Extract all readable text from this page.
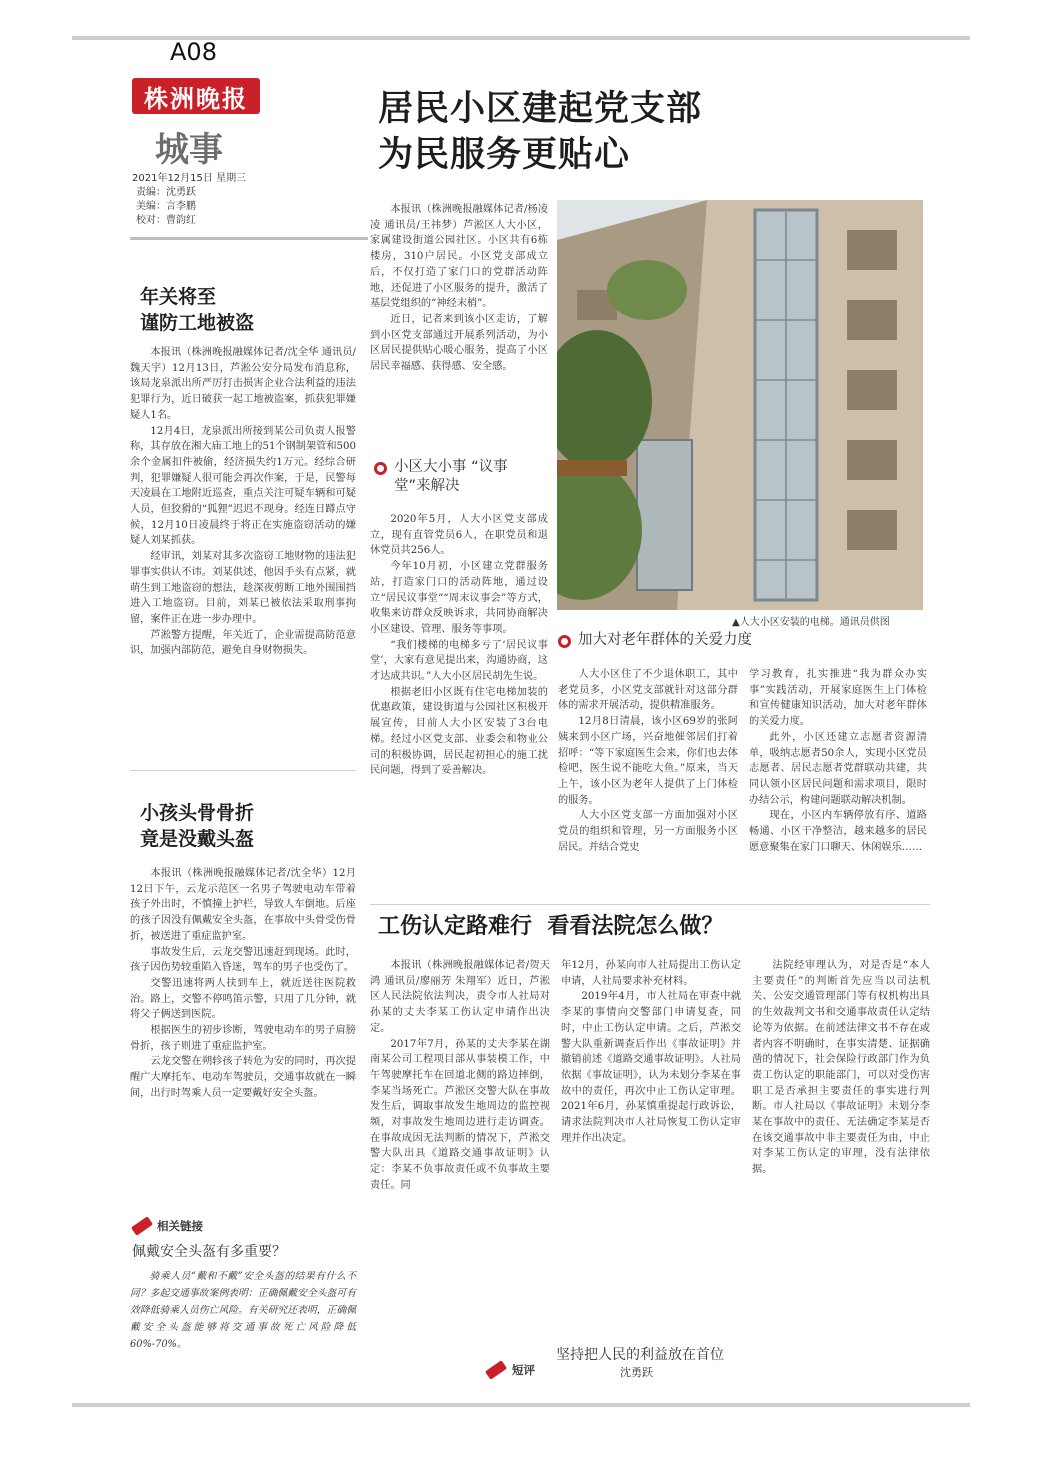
A08
株洲晚报
城事
2021年12月15日 星期三
责编：沈勇跃
美编：言李鹏
校对：曹韵红
居民小区建起党支部
为民服务更贴心

本报讯（株洲晚报融媒体记者/杨凌凌 通讯员/王祎梦）芦淞区人大小区，家属建设街道公园社区。小区共有6栋楼房，310户居民。小区党支部成立后，不仅打造了家门口的党群活动阵地，还促进了小区服务的提升，激活了基层党组织的“神经末梢”。

近日，记者来到该小区走访，了解到小区党支部通过开展系列活动，为小区居民提供贴心暖心服务，提高了小区居民幸福感、获得感、安全感。

▲人大小区安装的电梯。通讯员供图
小区大小事 “议事堂”来解决

2020年5月，人大小区党支部成立，现有直管党员6人，在职党员和退休党员共256人。

今年10月初，小区建立党群服务站，打造家门口的活动阵地，通过设立“居民议事堂”“周末议事会”等方式，收集来访群众反映诉求，共同协商解决小区建设、管理、服务等事项。

“我们楼梯的电梯多亏了‘居民议事堂’，大家有意见提出来，沟通协商，这才达成共识。”人大小区居民胡先生说。

根据老旧小区既有住宅电梯加装的优惠政策，建设街道与公园社区积极开展宣传，目前人大小区安装了3台电梯。经过小区党支部、业委会和物业公司的积极协调，居民起初担心的施工扰民问题，得到了妥善解决。

加大对老年群体的关爱力度

人大小区住了不少退休职工，其中老党员多，小区党支部就针对这部分群体的需求开展活动，提供精准服务。

12月8日清晨，该小区69岁的张阿姨来到小区广场，兴奋地催邻居们打着招呼：“等下家庭医生会来，你们也去体检吧，医生说不能吃大鱼。”原来，当天上午，该小区为老年人提供了上门体检的服务。

人大小区党支部一方面加强对小区党员的组织和管理，另一方面服务小区居民。并结合党史

学习教育，扎实推进“我为群众办实事”实践活动，开展家庭医生上门体检和宣传健康知识活动，加大对老年群体的关爱力度。

此外，小区还建立志愿者资源清单，吸纳志愿者50余人，实现小区党员志愿者、居民志愿者党群联动共建，共同认领小区居民问题和需求项目，限时办结公示，构建问题联动解决机制。

现在，小区内车辆停放有序、道路畅通、小区干净整洁，越来越多的居民愿意聚集在家门口聊天、休闲娱乐……

年关将至
谨防工地被盗

本报讯（株洲晚报融媒体记者/沈全华 通讯员/魏天宇）12月13日，芦淞公安分局发布消息称，该局龙泉派出所严厉打击损害企业合法利益的违法犯罪行为，近日破获一起工地被盗案，抓获犯罪嫌疑人1名。

12月4日，龙泉派出所接到某公司负责人报警称，其存放在湘大庙工地上的51个钢制架管和500余个金属扣件被偷，经济损失约1万元。经综合研判，犯罪嫌疑人很可能会再次作案，于是，民警每天凌晨在工地附近巡查，重点关注可疑车辆和可疑人员，但狡猾的“狐狸”迟迟不现身。经连日蹲点守候，12月10日凌晨终于将正在实施盗窃活动的嫌疑人刘某抓获。

经审讯，刘某对其多次盗窃工地财物的违法犯罪事实供认不讳。刘某供述，他因手头有点紧，就萌生到工地盗窃的想法，趁深夜剪断工地外围围挡进入工地盗窃。目前，刘某已被依法采取刑事拘留，案件正在进一步办理中。

芦淞警方提醒，年关近了，企业需提高防范意识，加强内部防范，避免自身财物损失。

小孩头骨骨折
竟是没戴头盔

本报讯（株洲晚报融媒体记者/沈全华）12月12日下午，云龙示范区一名男子驾驶电动车带着孩子外出时，不慎撞上护栏，导致人车倒地。后座的孩子因没有佩戴安全头盔，在事故中头骨受伤骨折，被送进了重症监护室。

事故发生后，云龙交警迅速赶到现场。此时，孩子因伤势较重陷入昏迷，驾车的男子也受伤了。

交警迅速将两人扶到车上，就近送往医院救治。路上，交警不停鸣笛示警，只用了几分钟，就将父子俩送到医院。

根据医生的初步诊断，驾驶电动车的男子肩膀骨折，孩子则进了重症监护室。

云龙交警在朔轸孩子转危为安的同时，再次提醒广大摩托车、电动车驾驶员，交通事故就在一瞬间，出行时驾乘人员一定要戴好安全头盔。

相关链接
佩戴安全头盔有多重要？

骑乘人员“戴和不戴”安全头盔的结果有什么不同？多起交通事故案例表明：正确佩戴安全头盔可有效降低骑乘人员伤亡风险。有关研究还表明，正确佩戴安全头盔能够将交通事故死亡风险降低60%-70%。

工伤认定路难行  看看法院怎么做？

本报讯（株洲晚报融媒体记者/贺天鸿 通讯员/廖丽芳 朱翔军）近日，芦淞区人民法院依法判决，责令市人社局对孙某的丈夫李某工伤认定申请作出决定。

2017年7月，孙某的丈夫李某在湖南某公司工程项目部从事装模工作，中午驾驶摩托车在回道北侧的路边摔倒，李某当场死亡。芦淞区交警大队在事故发生后，调取事故发生地周边的监控视频，对事故发生地周边进行走访调查。在事故成因无法判断的情况下，芦淞交警大队出具《道路交通事故证明》认定：李某不负事故责任或不负事故主要责任。同

年12月，孙某向市人社局提出工伤认定申请，人社局要求补充材料。

2019年4月，市人社局在审查中就李某的事情向交警部门申请复查，同时，中止工伤认定申请。之后，芦淞交警大队重新调查后作出《事故证明》并撤销前述《道路交通事故证明》。人社局依据《事故证明》，认为未划分李某在事故中的责任，再次中止工伤认定审理。2021年6月，孙某慎重提起行政诉讼，请求法院判决市人社局恢复工伤认定审理并作出决定。

法院经审理认为，对是否是“本人主要责任”的判断首先应当以司法机关、公安交通管理部门等有权机构出具的生效裁判文书和交通事故责任认定结论等为依据。在前述法律文书不存在或者内容不明确时，在事实清楚、证据确凿的情况下，社会保险行政部门作为负责工伤认定的职能部门，可以对受伤害职工是否承担主要责任的事实进行判断。市人社局以《事故证明》未划分李某在事故中的责任、无法确定李某是否在该交通事故中非主要责任为由，中止对李某工伤认定的审理，没有法律依据。

短评
坚持把人民的利益放在首位
沈勇跃
